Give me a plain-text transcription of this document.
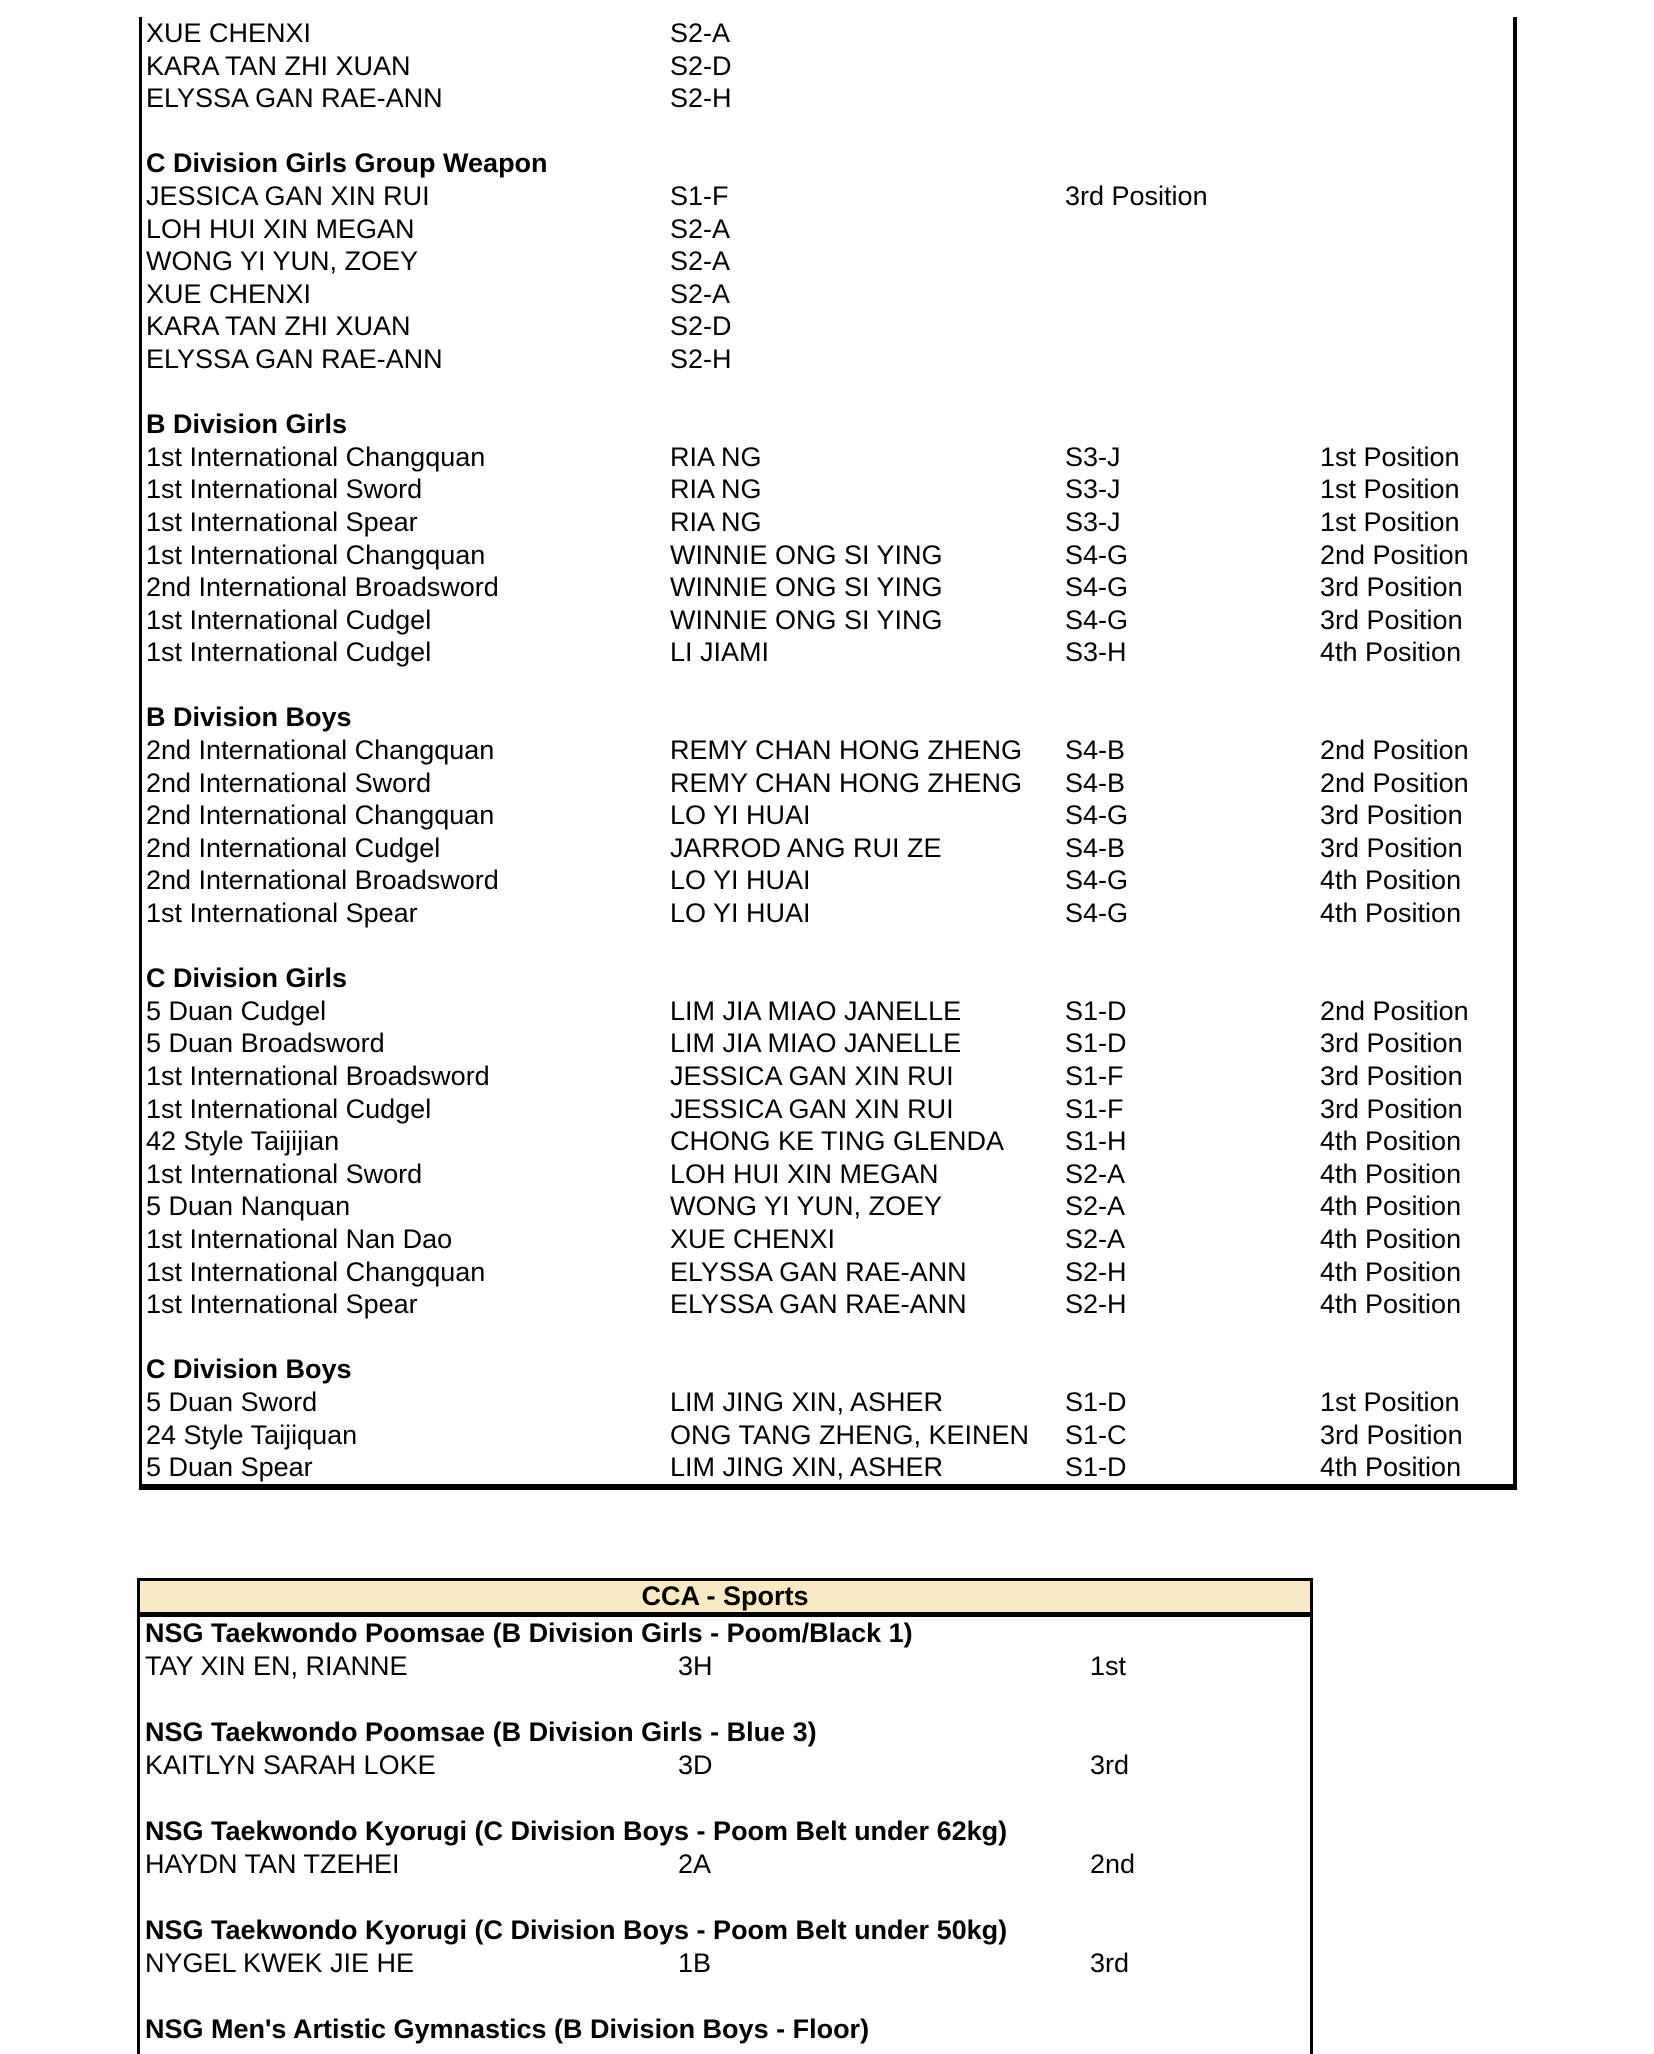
XUE CHENXI	S2-A
KARA TAN ZHI XUAN	S2-D
ELYSSA GAN RAE-ANN	S2-H
C Division Girls Group Weapon
JESSICA GAN XIN RUI	S1-F	3rd Position
LOH HUI XIN MEGAN	S2-A
WONG YI YUN, ZOEY	S2-A
XUE CHENXI	S2-A
KARA TAN ZHI XUAN	S2-D
ELYSSA GAN RAE-ANN	S2-H
B Division Girls
1st International Changquan	RIA NG	S3-J	1st Position
1st International Sword	RIA NG	S3-J	1st Position
1st International Spear	RIA NG	S3-J	1st Position
1st International Changquan	WINNIE ONG SI YING	S4-G	2nd Position
2nd International Broadsword	WINNIE ONG SI YING	S4-G	3rd Position
1st International Cudgel	WINNIE ONG SI YING	S4-G	3rd Position
1st International Cudgel	LI JIAMI	S3-H	4th Position
B Division Boys
2nd International Changquan	REMY CHAN HONG ZHENG S4-B	2nd Position
2nd International Sword	REMY CHAN HONG ZHENG S4-B	2nd Position
2nd International Changquan	LO YI HUAI	S4-G	3rd Position
2nd International Cudgel	JARROD ANG RUI ZE	S4-B	3rd Position
2nd International Broadsword	LO YI HUAI	S4-G	4th Position
1st International Spear	LO YI HUAI	S4-G	4th Position
C Division Girls
5 Duan Cudgel	LIM JIA MIAO JANELLE	S1-D	2nd Position
5 Duan Broadsword	LIM JIA MIAO JANELLE	S1-D	3rd Position
1st International Broadsword	JESSICA GAN XIN RUI	S1-F	3rd Position
1st International Cudgel	JESSICA GAN XIN RUI	S1-F	3rd Position
42 Style Taijijian	CHONG KE TING GLENDA S1-H	4th Position
1st International Sword	LOH HUI XIN MEGAN	S2-A	4th Position
5 Duan Nanquan	WONG YI YUN, ZOEY	S2-A	4th Position
1st International Nan Dao	XUE CHENXI	S2-A	4th Position
1st International Changquan	ELYSSA GAN RAE-ANN	S2-H	4th Position
1st International Spear	ELYSSA GAN RAE-ANN	S2-H	4th Position
C Division Boys
5 Duan Sword	LIM JING XIN, ASHER	S1-D	1st Position
24 Style Taijiquan	ONG TANG ZHENG, KEINEN S1-C	3rd Position
5 Duan Spear	LIM JING XIN, ASHER	S1-D	4th Position
CCA - Sports
NSG Taekwondo Poomsae (B Division Girls - Poom/Black 1)
TAY XIN EN, RIANNE	3H	1st
NSG Taekwondo Poomsae (B Division Girls - Blue 3)
KAITLYN SARAH LOKE	3D	3rd
NSG Taekwondo Kyorugi (C Division Boys - Poom Belt under 62kg)
HAYDN TAN TZEHEI	2A	2nd
NSG Taekwondo Kyorugi (C Division Boys - Poom Belt under 50kg)
NYGEL KWEK JIE HE	1B	3rd
NSG Men's Artistic Gymnastics (B Division Boys - Floor)
